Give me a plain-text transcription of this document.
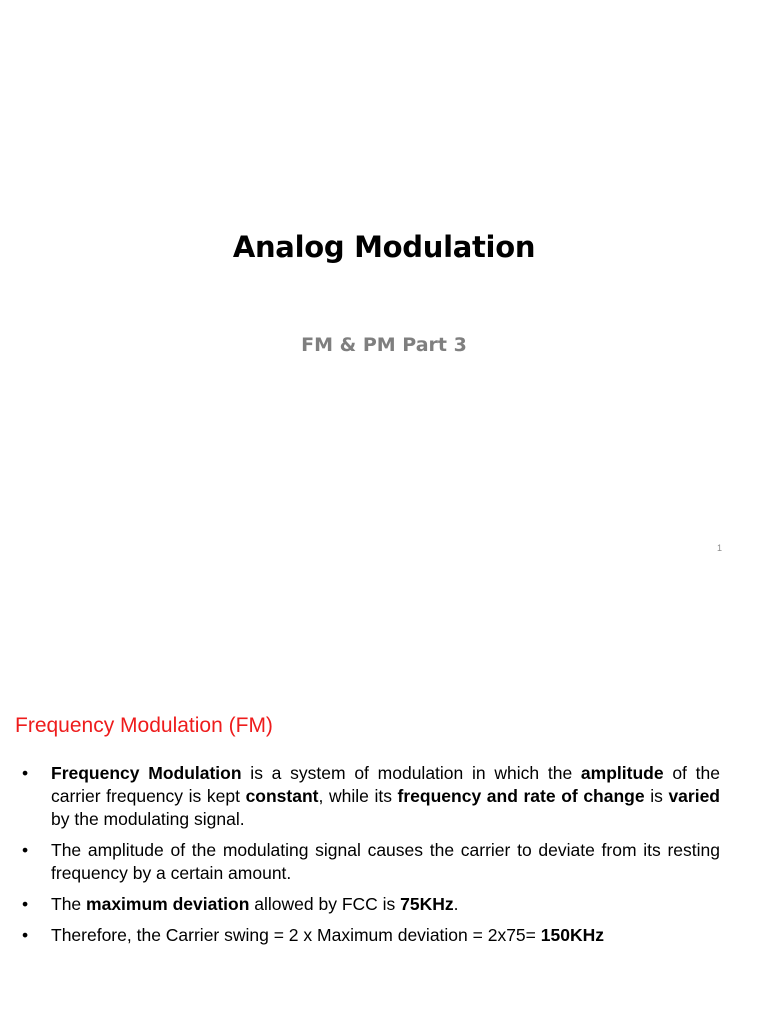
Analog Modulation
FM & PM Part 3
1
Frequency Modulation (FM)
• Frequency Modulation is a system of modulation in which the amplitude of the carrier frequency is kept constant, while its frequency and rate of change is varied by the modulating signal.
• The amplitude of the modulating signal causes the carrier to deviate from its resting frequency by a certain amount.
• The maximum deviation allowed by FCC is 75KHz.
• Therefore, the Carrier swing = 2 x Maximum deviation = 2x75= 150KHz
